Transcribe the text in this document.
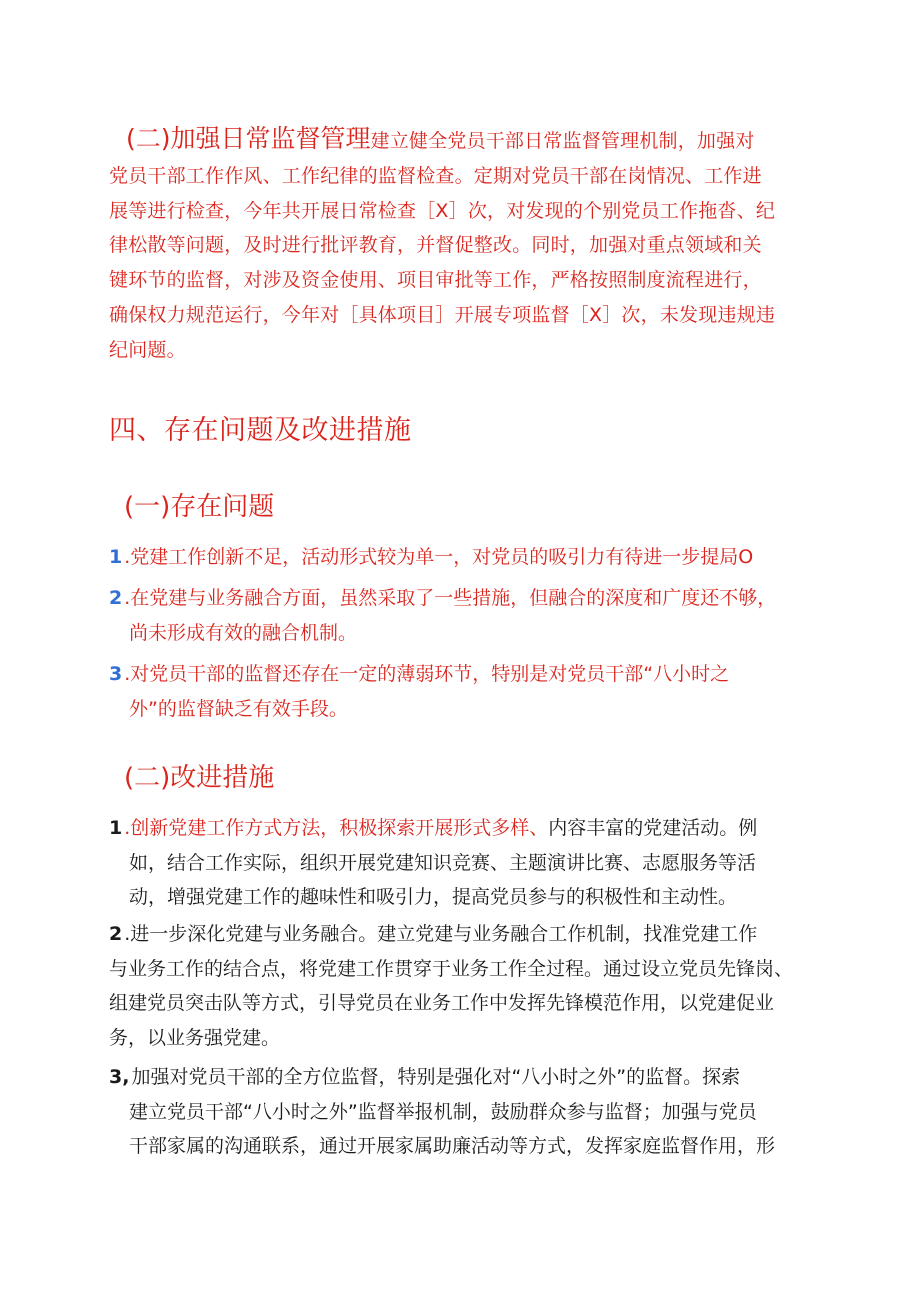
(二)加强日常监督管理建立健全党员干部日常监督管理机制，加强对
党员干部工作作风、工作纪律的监督检查。定期对党员干部在岗情况、工作进
展等进行检查，今年共开展日常检查［X］次，对发现的个别党员工作拖沓、纪
律松散等问题，及时进行批评教育，并督促整改。同时，加强对重点领域和关
键环节的监督，对涉及资金使用、项目审批等工作，严格按照制度流程进行，
确保权力规范运行，今年对［具体项目］开展专项监督［X］次，未发现违规违
纪问题。
四、存在问题及改进措施
(一)存在问题
1 .党建工作创新不足，活动形式较为单一，对党员的吸引力有待进一步提局O
2 .在党建与业务融合方面，虽然采取了一些措施，但融合的深度和广度还不够，
尚未形成有效的融合机制。
3 .对党员干部的监督还存在一定的薄弱环节，特别是对党员干部“八小时之
外”的监督缺乏有效手段。
(二)改进措施
1 .创新党建工作方式方法，积极探索开展形式多样、内容丰富的党建活动。例
如，结合工作实际，组织开展党建知识竞赛、主题演讲比赛、志愿服务等活
动，增强党建工作的趣味性和吸引力，提高党员参与的积极性和主动性。
2 .进一步深化党建与业务融合。建立党建与业务融合工作机制，找准党建工作
与业务工作的结合点，将党建工作贯穿于业务工作全过程。通过设立党员先锋岗、
组建党员突击队等方式，引导党员在业务工作中发挥先锋模范作用，以党建促业
务，以业务强党建。
3, 加强对党员干部的全方位监督，特别是强化对“八小时之外”的监督。探索
建立党员干部“八小时之外”监督举报机制，鼓励群众参与监督；加强与党员
干部家属的沟通联系，通过开展家属助廉活动等方式，发挥家庭监督作用，形
